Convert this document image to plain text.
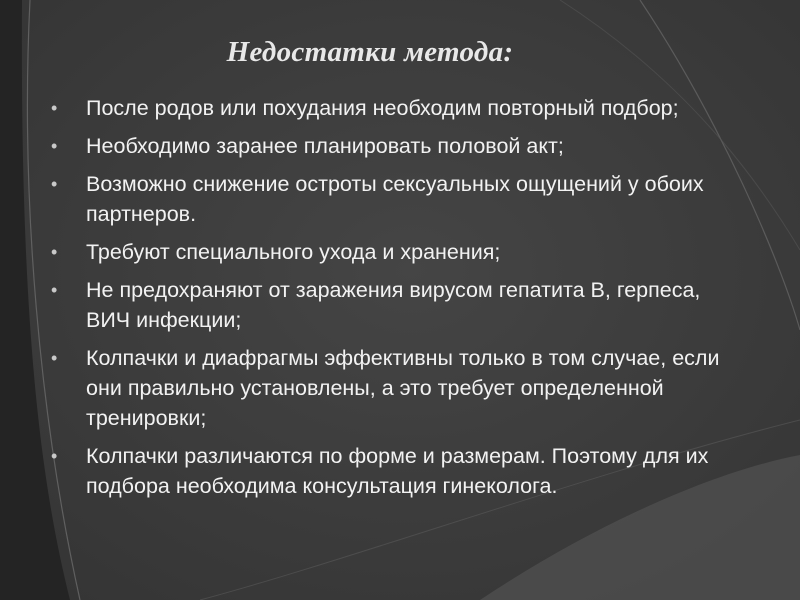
Недостатки метода:
• После родов или похудания необходим повторный подбор;
• Необходимо заранее планировать половой акт;
• Возможно снижение остроты сексуальных ощущений у обоих партнеров.
• Требуют специального ухода и хранения;
• Не предохраняют от заражения вирусом гепатита В, герпеса, ВИЧ инфекции;
• Колпачки и диафрагмы эффективны только в том случае, если они правильно установлены, а это требует определенной тренировки;
• Колпачки различаются по форме и размерам. Поэтому для их подбора необходима консультация гинеколога.
